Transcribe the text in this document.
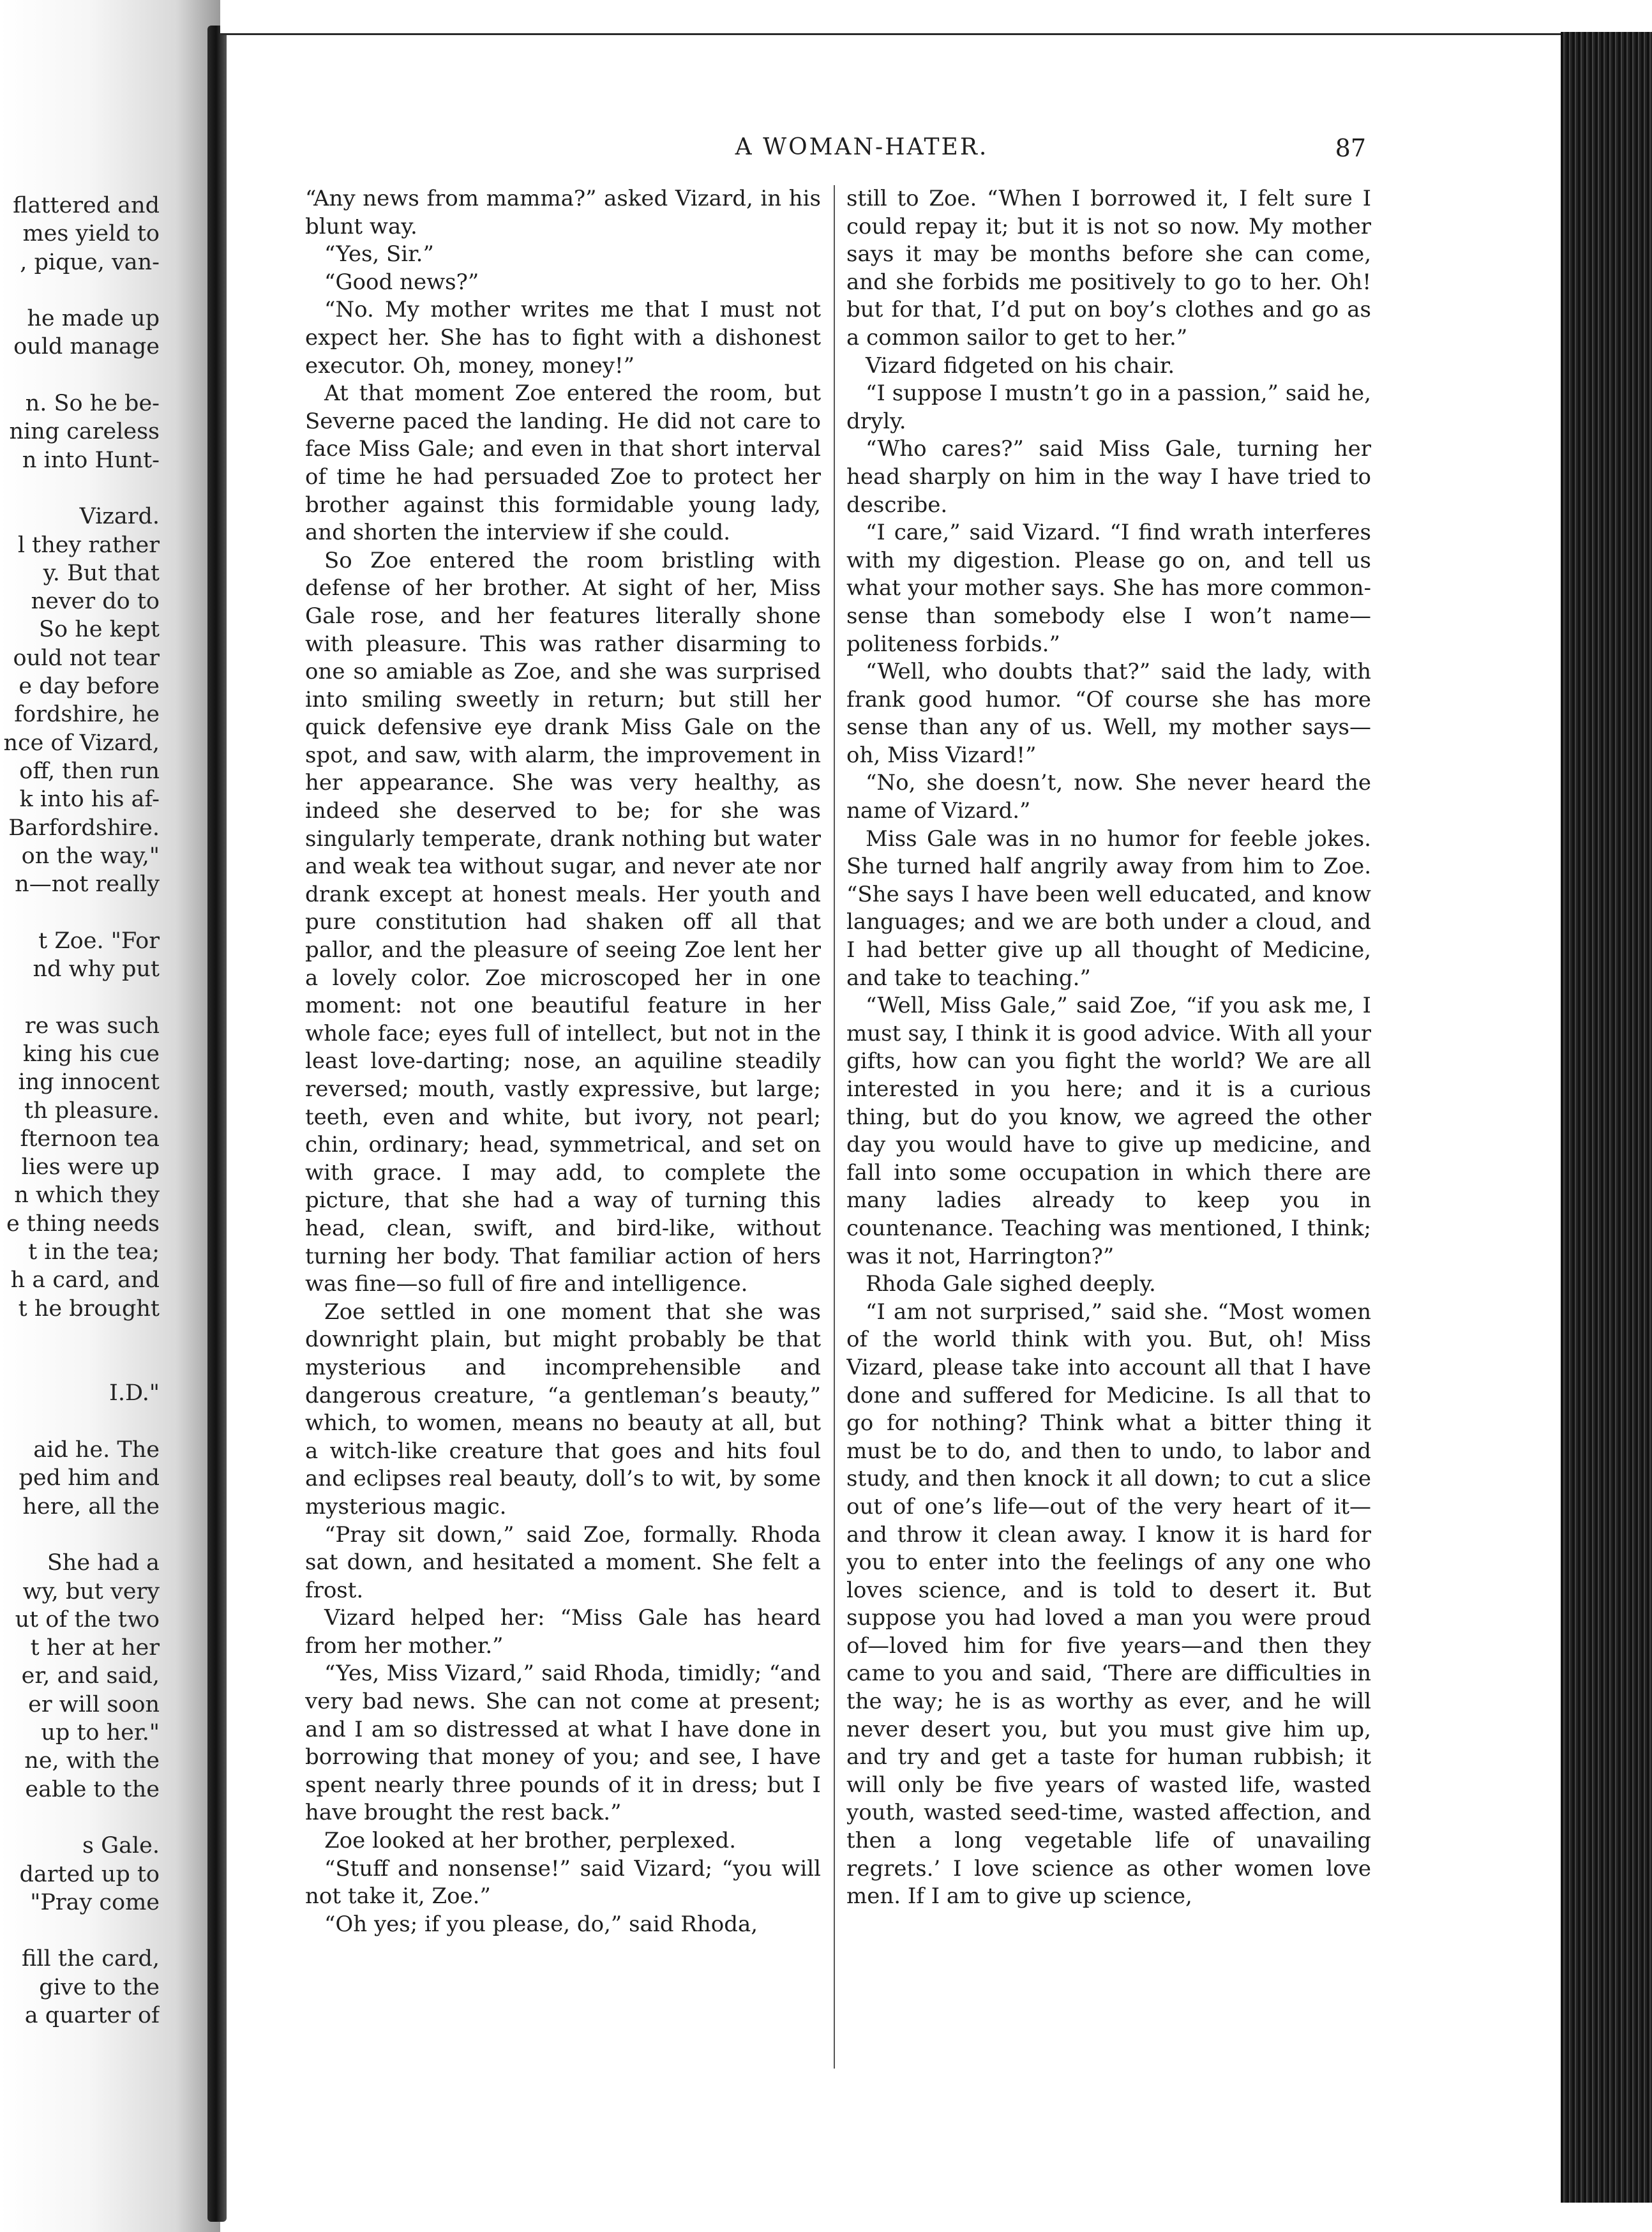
flattered and
mes yield to
, pique, van-
he made up
ould manage
n. So he be-
ning careless
n into Hunt-
Vizard.
l they rather
y. But that
never do to
So he kept
ould not tear
e day before
fordshire, he
nce of Vizard,
off, then run
k into his af-
Barfordshire.
on the way,"
n—not really
t Zoe. "For
nd why put
re was such
king his cue
ing innocent
th pleasure.
fternoon tea
lies were up
n which they
e thing needs
t in the tea;
h a card, and
t he brought
I.D."
aid he. The
ped him and
here, all the
She had a
wy, but very
ut of the two
t her at her
er, and said,
er will soon
up to her."
ne, with the
eable to the
s Gale.
darted up to
"Pray come
fill the card,
give to the
a quarter of
A WOMAN-HATER.	87

“Any news from mamma?” asked Vizard, in his blunt way.

“Yes, Sir.”

“Good news?”

“No. My mother writes me that I must not expect her. She has to fight with a dishonest executor. Oh, money, money!”

At that moment Zoe entered the room, but Severne paced the landing. He did not care to face Miss Gale; and even in that short interval of time he had persuaded Zoe to protect her brother against this formidable young lady, and shorten the interview if she could.

So Zoe entered the room bristling with defense of her brother. At sight of her, Miss Gale rose, and her features literally shone with pleasure. This was rather disarming to one so amiable as Zoe, and she was surprised into smiling sweetly in return; but still her quick defensive eye drank Miss Gale on the spot, and saw, with alarm, the improvement in her appearance. She was very healthy, as indeed she deserved to be; for she was singularly temperate, drank nothing but water and weak tea without sugar, and never ate nor drank except at honest meals. Her youth and pure constitution had shaken off all that pallor, and the pleasure of seeing Zoe lent her a lovely color. Zoe microscoped her in one moment: not one beautiful feature in her whole face; eyes full of intellect, but not in the least love-darting; nose, an aquiline steadily reversed; mouth, vastly expressive, but large; teeth, even and white, but ivory, not pearl; chin, ordinary; head, symmetrical, and set on with grace. I may add, to complete the picture, that she had a way of turning this head, clean, swift, and bird-like, without turning her body. That familiar action of hers was fine—so full of fire and intelligence.

Zoe settled in one moment that she was downright plain, but might probably be that mysterious and incomprehensible and dangerous creature, “a gentleman’s beauty,” which, to women, means no beauty at all, but a witch-like creature that goes and hits foul and eclipses real beauty, doll’s to wit, by some mysterious magic.

“Pray sit down,” said Zoe, formally. Rhoda sat down, and hesitated a moment. She felt a frost.

Vizard helped her: “Miss Gale has heard from her mother.”

“Yes, Miss Vizard,” said Rhoda, timidly; “and very bad news. She can not come at present; and I am so distressed at what I have done in borrowing that money of you; and see, I have spent nearly three pounds of it in dress; but I have brought the rest back.”

Zoe looked at her brother, perplexed.

“Stuff and nonsense!” said Vizard; “you will not take it, Zoe.”

“Oh yes; if you please, do,” said Rhoda,

still to Zoe. “When I borrowed it, I felt sure I could repay it; but it is not so now. My mother says it may be months before she can come, and she forbids me positively to go to her. Oh! but for that, I’d put on boy’s clothes and go as a common sailor to get to her.”

Vizard fidgeted on his chair.

“I suppose I mustn’t go in a passion,” said he, dryly.

“Who cares?” said Miss Gale, turning her head sharply on him in the way I have tried to describe.

“I care,” said Vizard. “I find wrath interferes with my digestion. Please go on, and tell us what your mother says. She has more common-sense than somebody else I won’t name—politeness forbids.”

“Well, who doubts that?” said the lady, with frank good humor. “Of course she has more sense than any of us. Well, my mother says—oh, Miss Vizard!”

“No, she doesn’t, now. She never heard the name of Vizard.”

Miss Gale was in no humor for feeble jokes. She turned half angrily away from him to Zoe. “She says I have been well educated, and know languages; and we are both under a cloud, and I had better give up all thought of Medicine, and take to teaching.”

“Well, Miss Gale,” said Zoe, “if you ask me, I must say, I think it is good advice. With all your gifts, how can you fight the world? We are all interested in you here; and it is a curious thing, but do you know, we agreed the other day you would have to give up medicine, and fall into some occupation in which there are many ladies already to keep you in countenance. Teaching was mentioned, I think; was it not, Harrington?”

Rhoda Gale sighed deeply.

“I am not surprised,” said she. “Most women of the world think with you. But, oh! Miss Vizard, please take into account all that I have done and suffered for Medicine. Is all that to go for nothing? Think what a bitter thing it must be to do, and then to undo, to labor and study, and then knock it all down; to cut a slice out of one’s life—out of the very heart of it—and throw it clean away. I know it is hard for you to enter into the feelings of any one who loves science, and is told to desert it. But suppose you had loved a man you were proud of—loved him for five years—and then they came to you and said, ‘There are difficulties in the way; he is as worthy as ever, and he will never desert you, but you must give him up, and try and get a taste for human rubbish; it will only be five years of wasted life, wasted youth, wasted seed-time, wasted affection, and then a long vegetable life of unavailing regrets.’ I love science as other women love men. If I am to give up science,
